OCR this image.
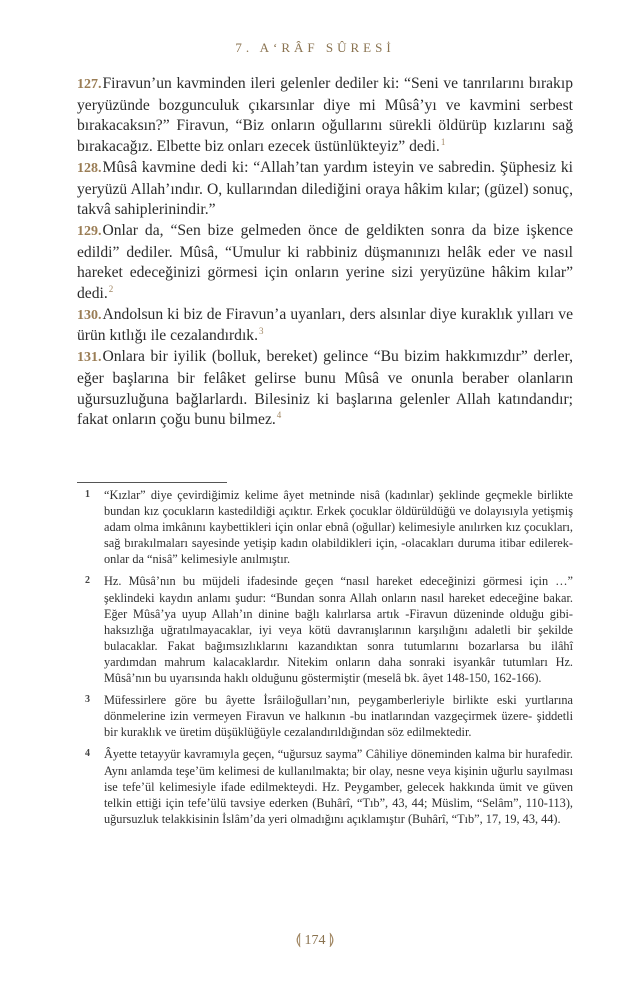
7. A‘RÂF SÛRESİ

127.Firavun’un kavminden ileri gelenler dediler ki: “Seni ve tanrılarını bırakıp yeryüzünde bozgunculuk çıkarsınlar diye mi Mûsâ’yı ve kavmini serbest bırakacaksın?” Firavun, “Biz onların oğullarını sürekli öldürüp kızlarını sağ bırakacağız. Elbette biz onları ezecek üstünlükteyiz” dedi.$^1$

128.Mûsâ kavmine dedi ki: “Allah’tan yardım isteyin ve sabredin. Şüphesiz ki yeryüzü Allah’ındır. O, kullarından dilediğini oraya hâkim kılar; (güzel) sonuç, takvâ sahiplerinindir.”

129.Onlar da, “Sen bize gelmeden önce de geldikten sonra da bize işkence edildi” dediler. Mûsâ, “Umulur ki rabbiniz düşmanınızı helâk eder ve nasıl hareket edeceğinizi görmesi için onların yerine sizi yeryüzüne hâkim kılar” dedi.$^2$

130.Andolsun ki biz de Firavun’a uyanları, ders alsınlar diye kuraklık yılları ve ürün kıtlığı ile cezalandırdık.$^3$

131.Onlara bir iyilik (bolluk, bereket) gelince “Bu bizim hakkımızdır” derler, eğer başlarına bir felâket gelirse bunu Mûsâ ve onunla beraber olanların uğursuzluğuna bağlarlardı. Bilesiniz ki başlarına gelenler Allah katındandır; fakat onların çoğu bunu bilmez.$^4$

1 “Kızlar” diye çevirdiğimiz kelime âyet metninde nisâ (kadınlar) şeklinde geçmekle birlikte bundan kız çocukların kastedildiği açıktır. Erkek çocuklar öldürüldüğü ve dolayısıyla yetişmiş adam olma imkânını kaybettikleri için onlar ebnâ (oğullar) kelimesiyle anılırken kız çocukları, sağ bırakılmaları sayesinde yetişip kadın olabildikleri için, -olacakları duruma itibar edilerek- onlar da “nisâ” kelimesiyle anılmıştır.
2 Hz. Mûsâ’nın bu müjdeli ifadesinde geçen “nasıl hareket edeceğinizi görmesi için …” şeklindeki kaydın anlamı şudur: “Bundan sonra Allah onların nasıl hareket edeceğine bakar. Eğer Mûsâ’ya uyup Allah’ın dinine bağlı kalırlarsa artık -Firavun düzeninde olduğu gibi- haksızlığa uğratılmayacaklar, iyi veya kötü davranışlarının karşılığını adaletli bir şekilde bulacaklar. Fakat bağımsızlıklarını kazandıktan sonra tutumlarını bozarlarsa bu ilâhî yardımdan mahrum kalacaklardır. Nitekim onların daha sonraki isyankâr tutumları Hz. Mûsâ’nın bu uyarısında haklı olduğunu göstermiştir (meselâ bk. âyet 148-150, 162-166).
3 Müfessirlere göre bu âyette İsrâiloğulları’nın, peygamberleriyle birlikte eski yurtlarına dönmelerine izin vermeyen Firavun ve halkının -bu inatlarından vazgeçirmek üzere- şiddetli bir kuraklık ve üretim düşüklüğüyle cezalandırıldığından söz edilmektedir.
4 Âyette tetayyür kavramıyla geçen, “uğursuz sayma” Câhiliye döneminden kalma bir hurafedir. Aynı anlamda teşe’üm kelimesi de kullanılmakta; bir olay, nesne veya kişinin uğurlu sayılması ise tefe’ül kelimesiyle ifade edilmekteydi. Hz. Peygamber, gelecek hakkında ümit ve güven telkin ettiği için tefe’ülü tavsiye ederken (Buhârî, “Tıb”, 43, 44; Müslim, “Selâm”, 110-113), uğursuzluk telakkisinin İslâm’da yeri olmadığını açıklamıştır (Buhârî, “Tıb”, 17, 19, 43, 44).
⟬ 174 ⟭
